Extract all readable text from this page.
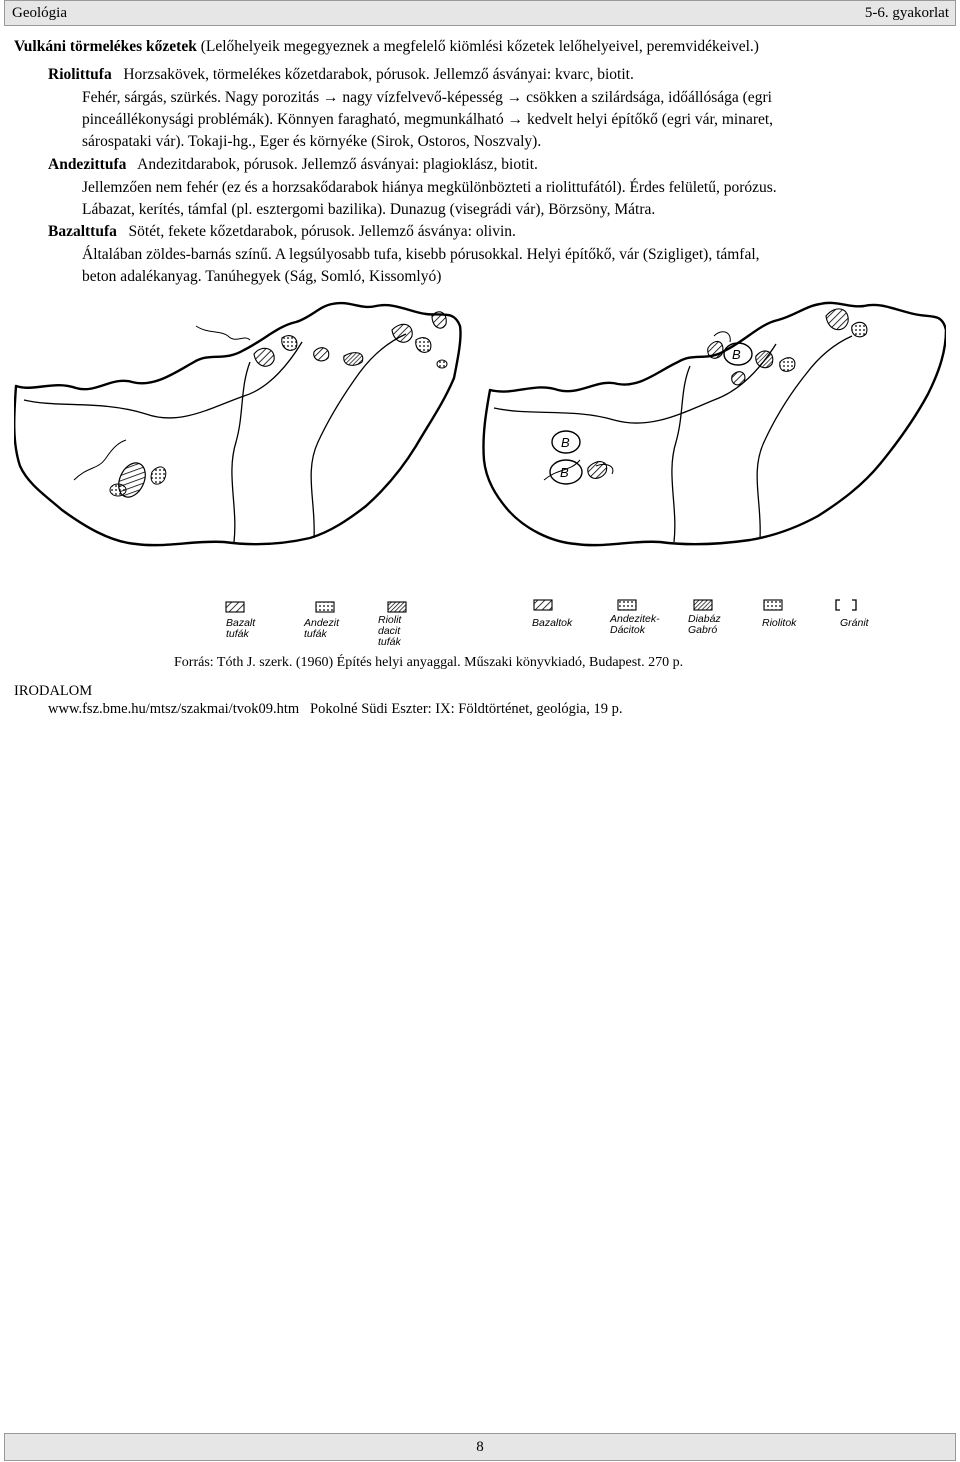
Geológia	5-6. gyakorlat
Vulkáni törmelékes kőzetek (Lelőhelyeik megegyeznek a megfelelő kiömlési kőzetek lelőhelyeivel, peremvidékeivel.)
Riolittufa Horzsakövek, törmelékes kőzetdarabok, pórusok. Jellemző ásványai: kvarc, biotit.
Fehér, sárgás, szürkés. Nagy porozitás → nagy vízfelvevő-képesség → csökken a szilárdsága, időállósága (egri
pinceállékonysági problémák). Könnyen faragható, megmunkálható → kedvelt helyi építőkő (egri vár, minaret,
sárospataki vár). Tokaji-hg., Eger és környéke (Sirok, Ostoros, Noszvaly).
Andezittufa Andezitdarabok, pórusok. Jellemző ásványai: plagioklász, biotit.
Jellemzően nem fehér (ez és a horzsakődarabok hiánya megkülönbözteti a riolittufától). Érdes felületű, porózus.
Lábazat, kerítés, támfal (pl. esztergomi bazilika). Dunazug (visegrádi vár), Börzsöny, Mátra.
Bazalttufa Sötét, fekete kőzetdarabok, pórusok. Jellemző ásványa: olivin.
Általában zöldes-barnás színű. A legsúlyosabb tufa, kisebb pórusokkal. Helyi építőkő, vár (Szigliget), támfal,
beton adalékanyag. Tanúhegyek (Ság, Somló, Kissomlyó)
B
B
B
Bazalt
tufák
Andezit
tufák
Riolit
dacit
tufák
Bazaltok	Andezitek-
Dácitok
Diabáz
Gabró
Riolitok	Gránit
Forrás: Tóth J. szerk. (1960) Építés helyi anyaggal. Műszaki könyvkiadó, Budapest. 270 p.
IRODALOM
www.fsz.bme.hu/mtsz/szakmai/tvok09.htm Pokolné Südi Eszter: IX: Földtörténet, geológia, 19 p.
8
